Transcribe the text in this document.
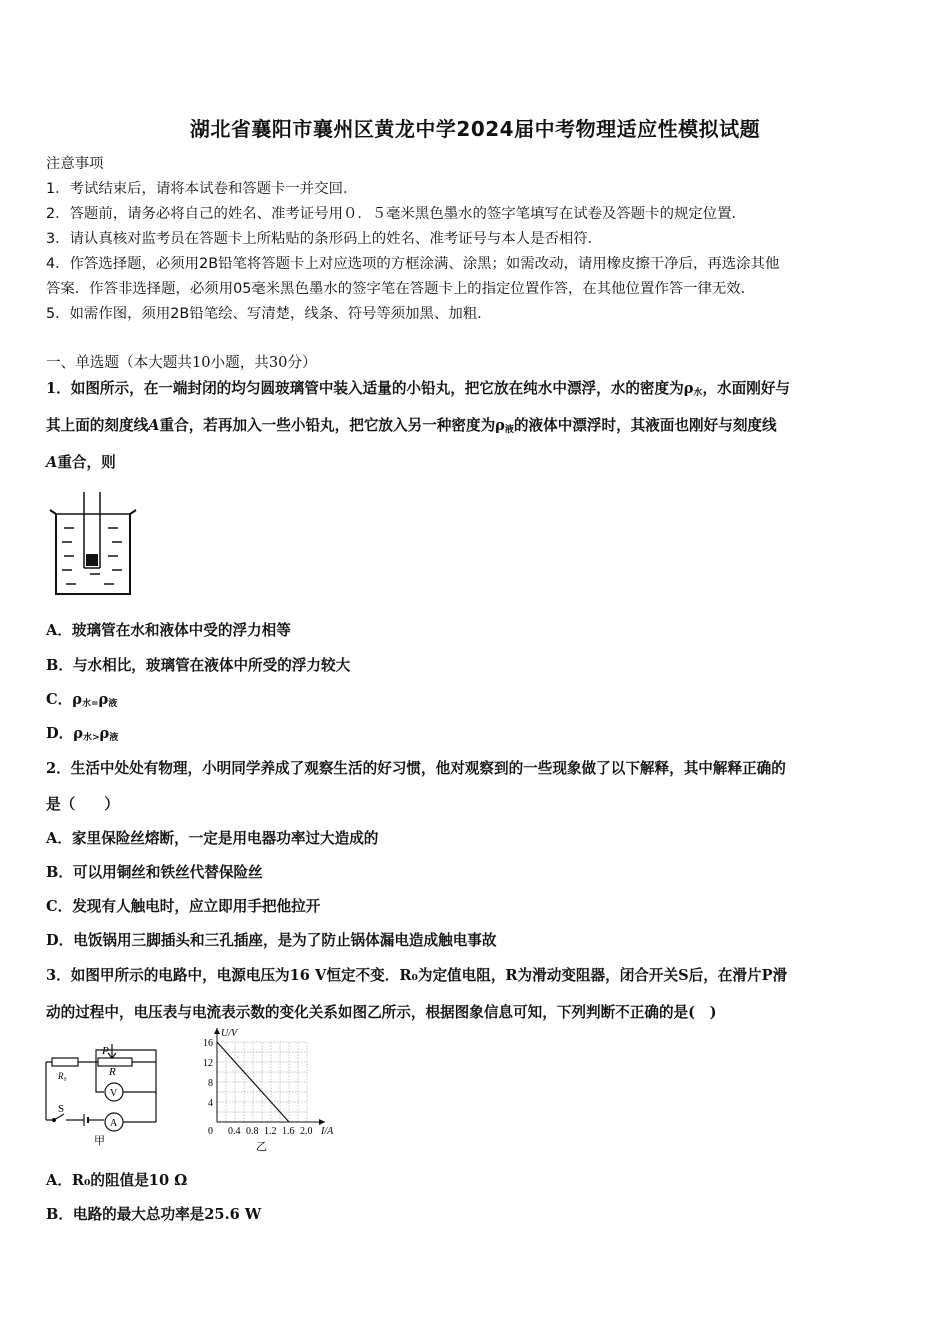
湖北省襄阳市襄州区黄龙中学2024届中考物理适应性模拟试题
注意事项
1．考试结束后，请将本试卷和答题卡一并交回．
2．答题前，请务必将自己的姓名、准考证号用０．５毫米黑色墨水的签字笔填写在试卷及答题卡的规定位置．
3．请认真核对监考员在答题卡上所粘贴的条形码上的姓名、准考证号与本人是否相符．
4．作答选择题，必须用2B铅笔将答题卡上对应选项的方框涂满、涂黑；如需改动，请用橡皮擦干净后，再选涂其他
答案．作答非选择题，必须用05毫米黑色墨水的签字笔在答题卡上的指定位置作答，在其他位置作答一律无效．
5．如需作图，须用2B铅笔绘、写清楚，线条、符号等须加黑、加粗．
一、单选题（本大题共10小题，共30分）
1．如图所示，在一端封闭的均匀圆玻璃管中装入适量的小铅丸，把它放在纯水中漂浮，水的密度为$\rho_水$，水面刚好与
其上面的刻度线A重合，若再加入一些小铅丸，把它放入另一种密度为$\rho_液$的液体中漂浮时，其液面也刚好与刻度线
A重合，则
A．玻璃管在水和液体中受的浮力相等
B．与水相比，玻璃管在液体中所受的浮力较大
C．$\rho_{水=}\rho_液$
D．$\rho_{水>}\rho_液$
2．生活中处处有物理，小明同学养成了观察生活的好习惯，他对观察到的一些现象做了以下解释，其中解释正确的
是（　　）
A．家里保险丝熔断，一定是用电器功率过大造成的
B．可以用铜丝和铁丝代替保险丝
C．发现有人触电时，应立即用手把他拉开
D．电饭锅用三脚插头和三孔插座，是为了防止锅体漏电造成触电事故
3．如图甲所示的电路中，电源电压为16 V恒定不变．R₀为定值电阻，R为滑动变阻器，闭合开关S后，在滑片P滑
动的过程中，电压表与电流表示数的变化关系如图乙所示，根据图象信息可知，下列判断不正确的是(　)
P
R
R₀
V
A
S
甲
0.4 0.8 1.2 1.6 2.0
4
8
12
16
0	I/A
U/V
乙
A．R₀的阻值是10 Ω
B．电路的最大总功率是25.6 W
